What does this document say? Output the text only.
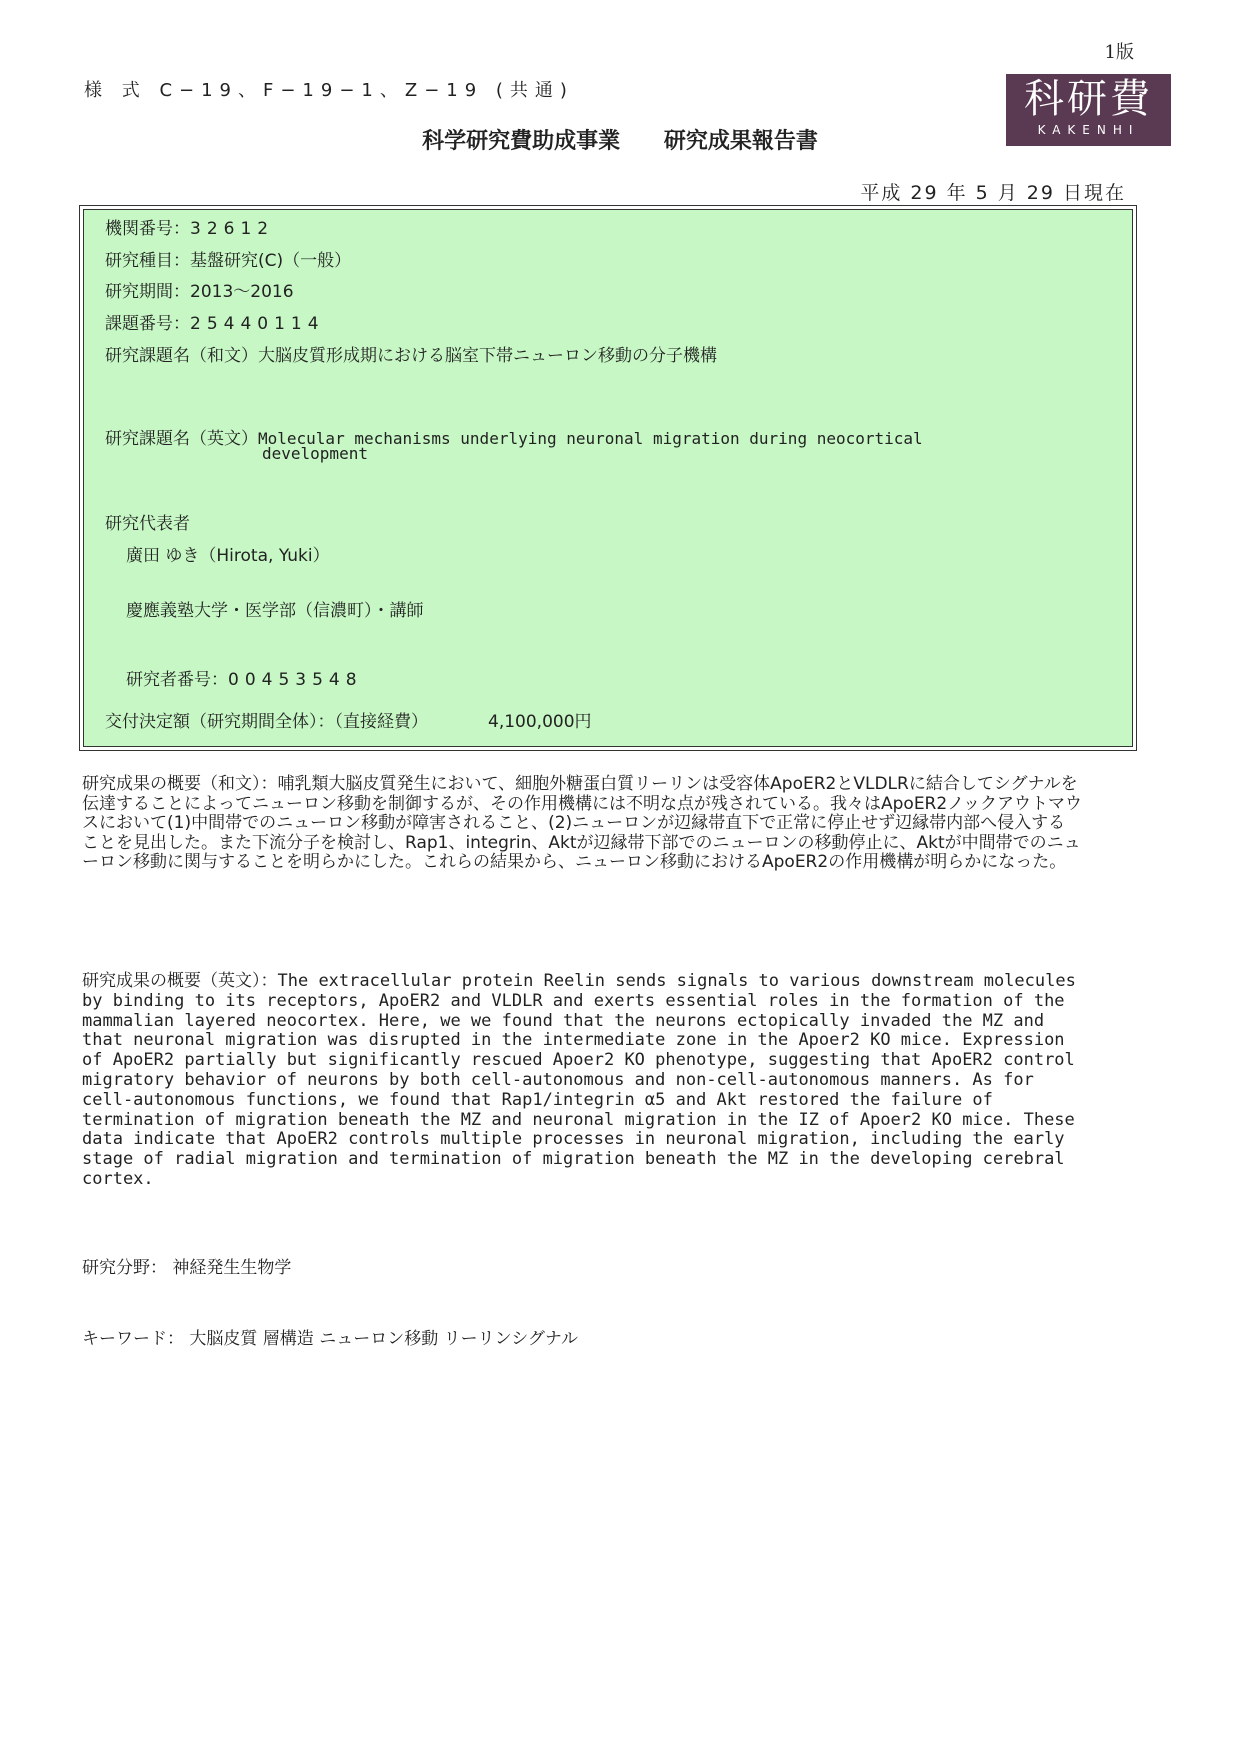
1版
様 式 C−19、F−19−1、Z−19 (共通)	科研費
KAKENHI
科学研究費助成事業 研究成果報告書
平成 29 年 5 月 29 日現在
機関番号：32612
研究種目：基盤研究(C)（一般）
研究期間：2013～2016
課題番号：25440114
研究課題名（和文）大脳皮質形成期における脳室下帯ニューロン移動の分子機構
研究課題名（英文）Molecular mechanisms underlying neuronal migration during neocortical
development
研究代表者
廣田 ゆき（Hirota, Yuki）
慶應義塾大学・医学部（信濃町）・講師
研究者番号：00453548
交付決定額（研究期間全体）：（直接経費）	4,100,000円
研究成果の概要（和文）：哺乳類大脳皮質発生において、細胞外糖蛋白質リーリンは受容体ApoER2とVLDLRに結合してシグナルを伝達することによってニューロン移動を制御するが、その作用機構には不明な点が残されている。我々はApoER2ノックアウトマウスにおいて(1)中間帯でのニューロン移動が障害されること、(2)ニューロンが辺縁帯直下で正常に停止せず辺縁帯内部へ侵入することを見出した。また下流分子を検討し、Rap1、integrin、Aktが辺縁帯下部でのニューロンの移動停止に、Aktが中間帯でのニューロン移動に関与することを明らかにした。これらの結果から、ニューロン移動におけるApoER2の作用機構が明らかになった。
研究成果の概要（英文）：The extracellular protein Reelin sends signals to various downstream molecules by binding to its receptors, ApoER2 and VLDLR and exerts essential roles in the formation of the mammalian layered neocortex. Here, we we found that the neurons ectopically invaded the MZ and that neuronal migration was disrupted in the intermediate zone in the Apoer2 KO mice. Expression of ApoER2 partially but significantly rescued Apoer2 KO phenotype, suggesting that ApoER2 control migratory behavior of neurons by both cell-autonomous and non-cell-autonomous manners. As for cell-autonomous functions, we found that Rap1/integrin α5 and Akt restored the failure of termination of migration beneath the MZ and neuronal migration in the IZ of Apoer2 KO mice. These data indicate that ApoER2 controls multiple processes in neuronal migration, including the early stage of radial migration and termination of migration beneath the MZ in the developing cerebral cortex.
研究分野： 神経発生生物学
キーワード： 大脳皮質 層構造 ニューロン移動 リーリンシグナル
